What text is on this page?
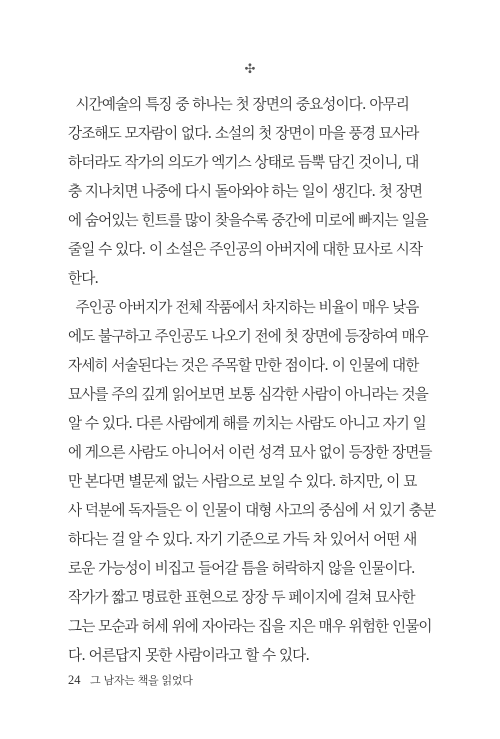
✣

시간예술의 특징 중 하나는 첫 장면의 중요성이다. 아무리
강조해도 모자람이 없다. 소설의 첫 장면이 마을 풍경 묘사라
하더라도 작가의 의도가 엑기스 상태로 듬뿍 담긴 것이니, 대
충 지나치면 나중에 다시 돌아와야 하는 일이 생긴다. 첫 장면
에 숨어있는 힌트를 많이 찾을수록 중간에 미로에 빠지는 일을
줄일 수 있다. 이 소설은 주인공의 아버지에 대한 묘사로 시작
한다.

주인공 아버지가 전체 작품에서 차지하는 비율이 매우 낮음
에도 불구하고 주인공도 나오기 전에 첫 장면에 등장하여 매우
자세히 서술된다는 것은 주목할 만한 점이다. 이 인물에 대한
묘사를 주의 깊게 읽어보면 보통 심각한 사람이 아니라는 것을
알 수 있다. 다른 사람에게 해를 끼치는 사람도 아니고 자기 일
에 게으른 사람도 아니어서 이런 성격 묘사 없이 등장한 장면들
만 본다면 별문제 없는 사람으로 보일 수 있다. 하지만, 이 묘
사 덕분에 독자들은 이 인물이 대형 사고의 중심에 서 있기 충분
하다는 걸 알 수 있다. 자기 기준으로 가득 차 있어서 어떤 새
로운 가능성이 비집고 들어갈 틈을 허락하지 않을 인물이다.
작가가 짧고 명료한 표현으로 장장 두 페이지에 걸쳐 묘사한
그는 모순과 허세 위에 자아라는 집을 지은 매우 위험한 인물이
다. 어른답지 못한 사람이라고 할 수 있다.

24 그 남자는 책을 읽었다
